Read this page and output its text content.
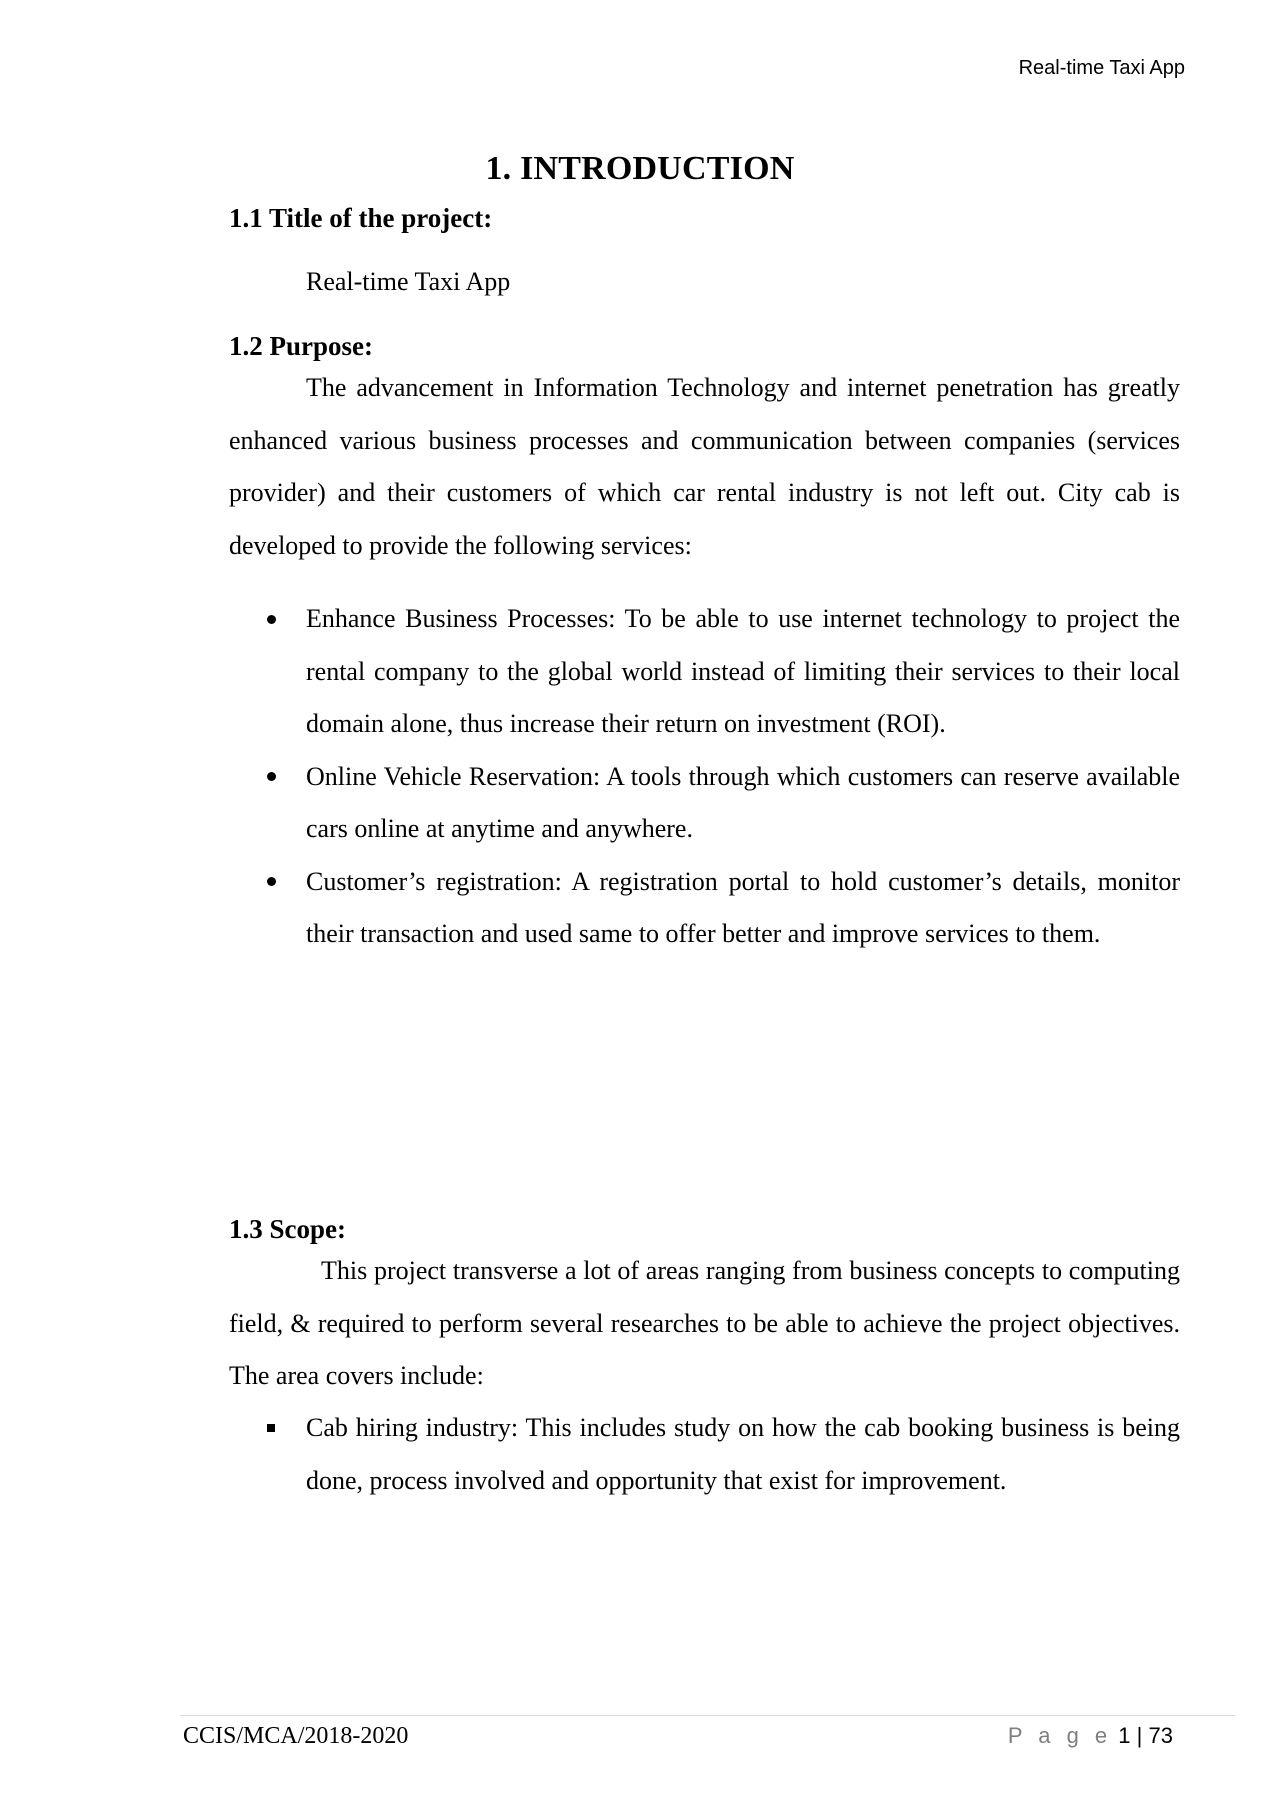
Real-time Taxi App
1. INTRODUCTION
1.1 Title of the project:
Real-time Taxi App
1.2 Purpose:

The advancement in Information Technology and internet penetration has greatly enhanced various business processes and communication between companies (services provider) and their customers of which car rental industry is not left out. City cab is developed to provide the following services:

Enhance Business Processes: To be able to use internet technology to project the rental company to the global world instead of limiting their services to their local domain alone, thus increase their return on investment (ROI).
Online Vehicle Reservation: A tools through which customers can reserve available cars online at anytime and anywhere.
Customer’s registration: A registration portal to hold customer’s details, monitor their transaction and used same to offer better and improve services to them.
1.3 Scope:

This project transverse a lot of areas ranging from business concepts to computing field, & required to perform several researches to be able to achieve the project objectives. The area covers include:

Cab hiring industry: This includes study on how the cab booking business is being done, process involved and opportunity that exist for improvement.
CCIS/MCA/2018-2020	P a g e 1 | 73
